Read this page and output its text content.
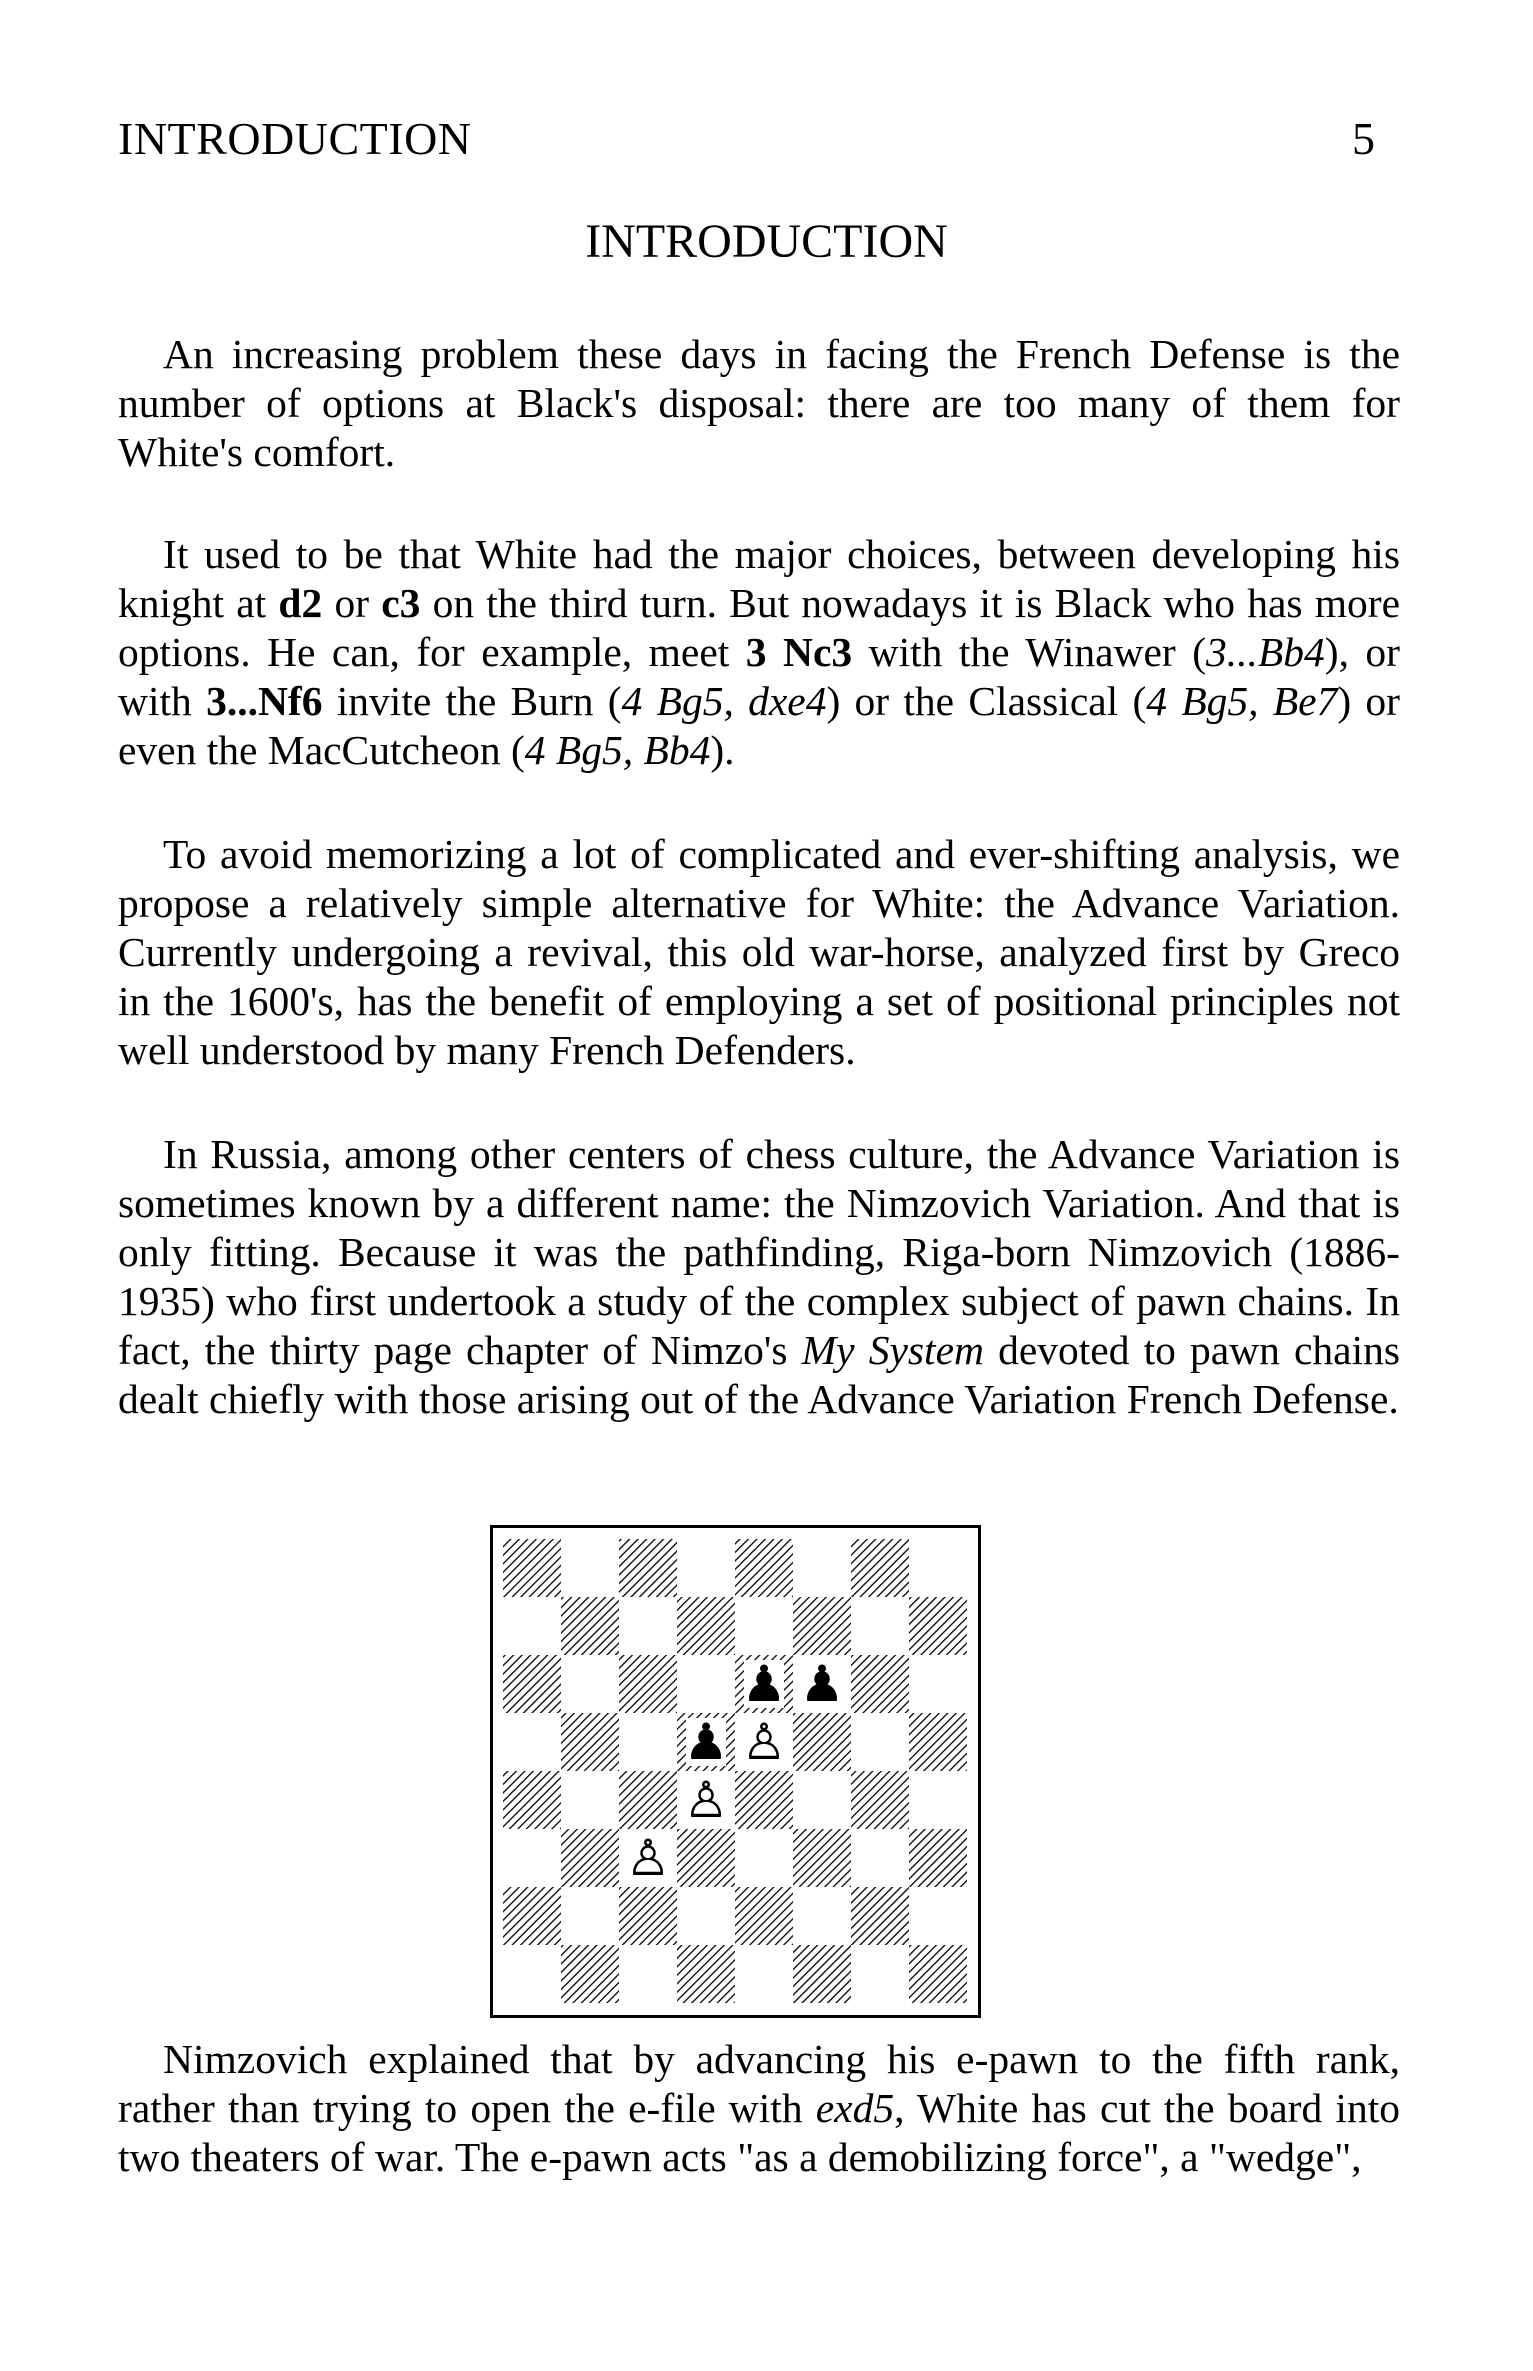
INTRODUCTION	5
INTRODUCTION

An increasing problem these days in facing the French Defense is the number of options at Black's disposal: there are too many of them for White's comfort.

It used to be that White had the major choices, between developing his knight at d2 or c3 on the third turn. But nowadays it is Black who has more options. He can, for example, meet 3 Nc3 with the Winawer (3...Bb4), or with 3...Nf6 invite the Burn (4 Bg5, dxe4) or the Classical (4 Bg5, Be7) or even the MacCutcheon (4 Bg5, Bb4).

To avoid memorizing a lot of complicated and ever-shifting analysis, we propose a relatively simple alternative for White: the Advance Variation. Currently undergoing a revival, this old war-horse, analyzed first by Greco in the 1600's, has the benefit of employing a set of positional principles not well understood by many French Defenders.

In Russia, among other centers of chess culture, the Advance Variation is sometimes known by a different name: the Nimzovich Variation. And that is only fitting. Because it was the pathfinding, Riga-born Nimzovich (1886-1935) who first undertook a study of the complex subject of pawn chains. In fact, the thirty page chapter of Nimzo's My System devoted to pawn chains dealt chiefly with those arising out of the Advance Variation French Defense.

♟
♟
♟
♙
♙
♙

Nimzovich explained that by advancing his e-pawn to the fifth rank, rather than trying to open the e-file with exd5, White has cut the board into two theaters of war. The e-pawn acts "as a demobilizing force", a "wedge",
